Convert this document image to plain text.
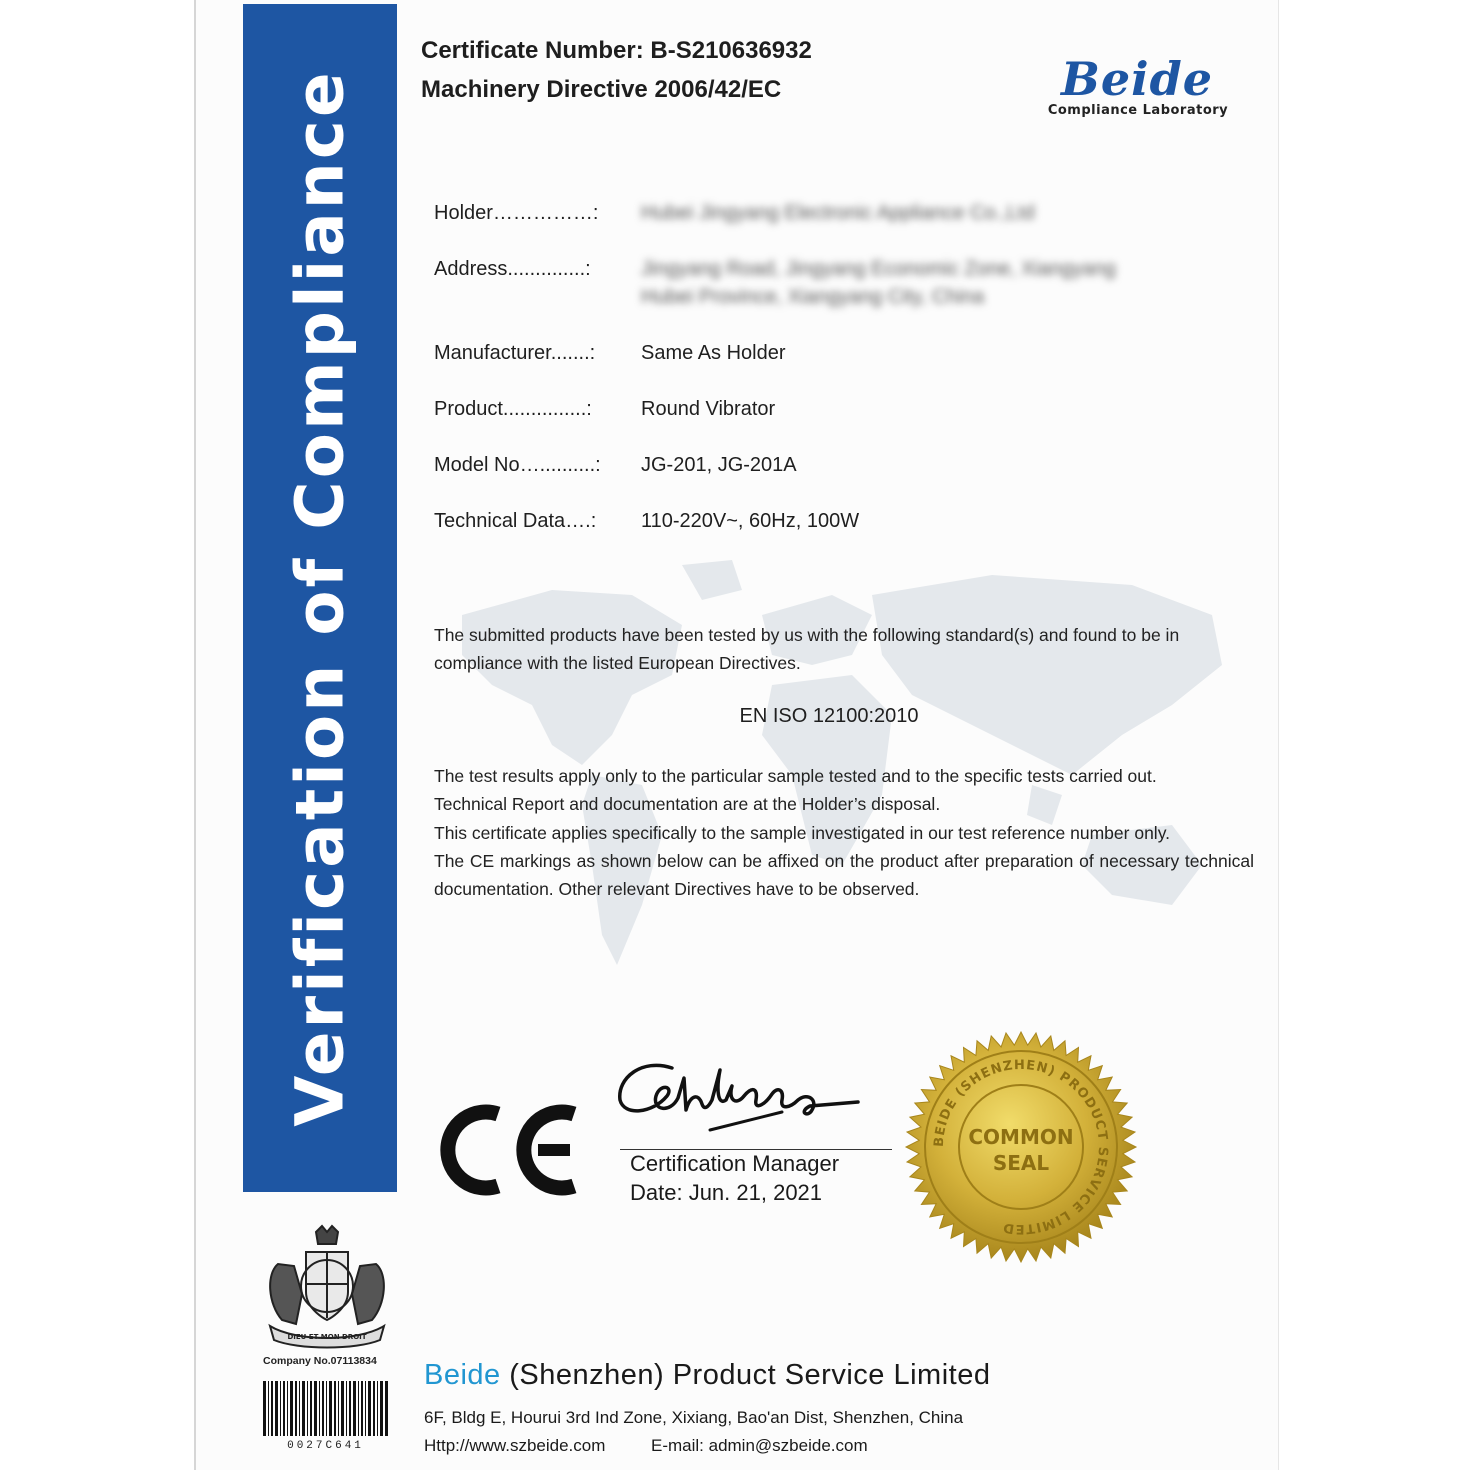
Verification of Compliance
Certificate Number: B-S210636932
Machinery Directive 2006/42/EC	Beide
Compliance Laboratory
Holder……………: Hubei Jingyang Electronic Appliance Co.,Ltd
Address..............:	Jingyang Road, Jingyang Economic Zone, Xiangyang
Hubei Province, Xiangyang City, China
Manufacturer.......: Same As Holder
Product...............: Round Vibrator
Model No…..........: JG-201, JG-201A
Technical Data….: 110-220V~, 60Hz, 100W
The submitted products have been tested by us with the following standard(s) and found to be in compliance with the listed European Directives.
EN ISO 12100:2010
The test results apply only to the particular sample tested and to the specific tests carried out.
Technical Report and documentation are at the Holder’s disposal.
This certificate applies specifically to the sample investigated in our test reference number only.
The CE markings as shown below can be affixed on the product after preparation of necessary technical documentation. Other relevant Directives have to be observed.
Certification Manager
Date: Jun. 21, 2021
BEIDE (SHENZHEN) PRODUCT SERVICE LIMITED
COMMON
SEAL
DIEU ET MON DROIT
Company No.07113834
0027C641
Beide (Shenzhen) Product Service Limited
6F, Bldg E, Hourui 3rd Ind Zone, Xixiang, Bao'an Dist, Shenzhen, China
Http://www.szbeide.com	E-mail: admin@szbeide.com
